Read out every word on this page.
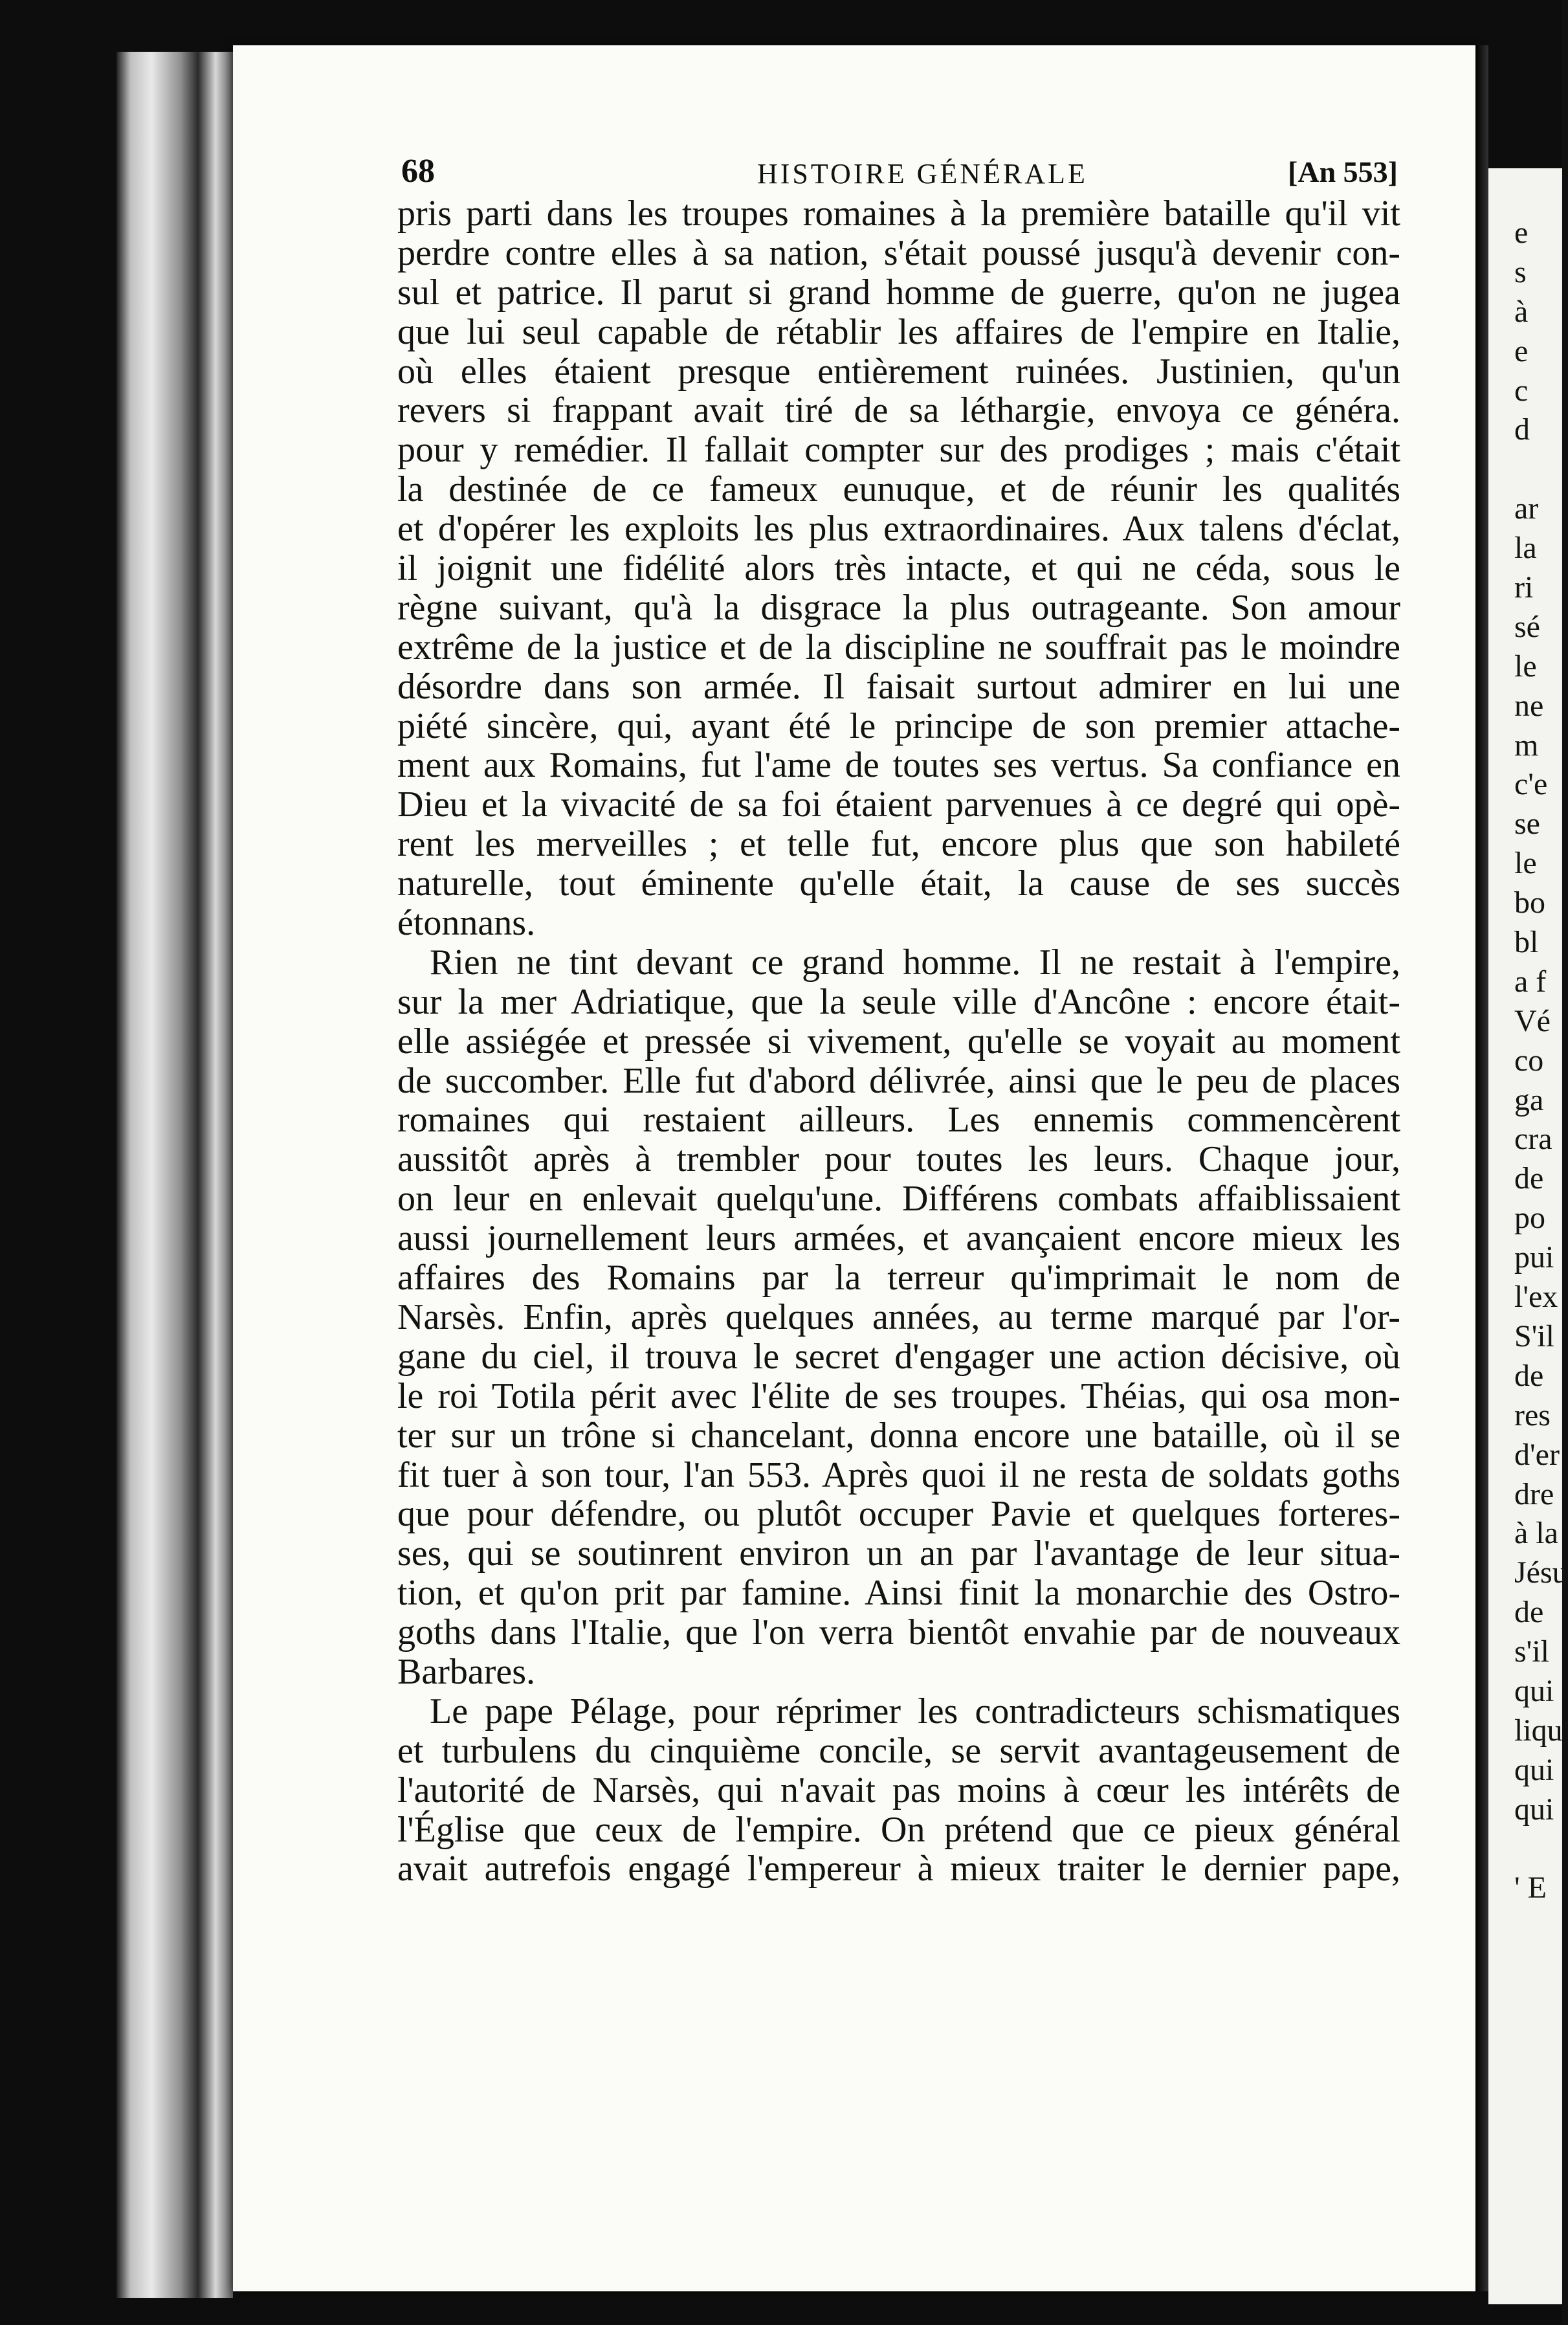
68	HISTOIRE GÉNÉRALE	[An 553]
pris parti dans les troupes romaines à la première bataille qu'il vit
perdre contre elles à sa nation, s'était poussé jusqu'à devenir con-
sul et patrice. Il parut si grand homme de guerre, qu'on ne jugea
que lui seul capable de rétablir les affaires de l'empire en Italie,
où elles étaient presque entièrement ruinées. Justinien, qu'un
revers si frappant avait tiré de sa léthargie, envoya ce généra.
pour y remédier. Il fallait compter sur des prodiges ; mais c'était
la destinée de ce fameux eunuque, et de réunir les qualités
et d'opérer les exploits les plus extraordinaires. Aux talens d'éclat,
il joignit une fidélité alors très intacte, et qui ne céda, sous le
règne suivant, qu'à la disgrace la plus outrageante. Son amour
extrême de la justice et de la discipline ne souffrait pas le moindre
désordre dans son armée. Il faisait surtout admirer en lui une
piété sincère, qui, ayant été le principe de son premier attache-
ment aux Romains, fut l'ame de toutes ses vertus. Sa confiance en
Dieu et la vivacité de sa foi étaient parvenues à ce degré qui opè-
rent les merveilles ; et telle fut, encore plus que son habileté
naturelle, tout éminente qu'elle était, la cause de ses succès
étonnans.
Rien ne tint devant ce grand homme. Il ne restait à l'empire,
sur la mer Adriatique, que la seule ville d'Ancône : encore était-
elle assiégée et pressée si vivement, qu'elle se voyait au moment
de succomber. Elle fut d'abord délivrée, ainsi que le peu de places
romaines qui restaient ailleurs. Les ennemis commencèrent
aussitôt après à trembler pour toutes les leurs. Chaque jour,
on leur en enlevait quelqu'une. Différens combats affaiblissaient
aussi journellement leurs armées, et avançaient encore mieux les
affaires des Romains par la terreur qu'imprimait le nom de
Narsès. Enfin, après quelques années, au terme marqué par l'or-
gane du ciel, il trouva le secret d'engager une action décisive, où
le roi Totila périt avec l'élite de ses troupes. Théias, qui osa mon-
ter sur un trône si chancelant, donna encore une bataille, où il se
fit tuer à son tour, l'an 553. Après quoi il ne resta de soldats goths
que pour défendre, ou plutôt occuper Pavie et quelques forteres-
ses, qui se soutinrent environ un an par l'avantage de leur situa-
tion, et qu'on prit par famine. Ainsi finit la monarchie des Ostro-
goths dans l'Italie, que l'on verra bientôt envahie par de nouveaux
Barbares.
Le pape Pélage, pour réprimer les contradicteurs schismatiques
et turbulens du cinquième concile, se servit avantageusement de
l'autorité de Narsès, qui n'avait pas moins à cœur les intérêts de
l'Église que ceux de l'empire. On prétend que ce pieux général
avait autrefois engagé l'empereur à mieux traiter le dernier pape,
e
s
à
e
c
d
ar
la
ri
sé
le
ne
m
c'e
se
le
bo
bl
a f
Vé
co
ga
cra
de
po
pui
l'ex
S'il
de
res
d'er
dre
à la
Jésu
de
s'il
qui
liqu
qui
qui
' E
